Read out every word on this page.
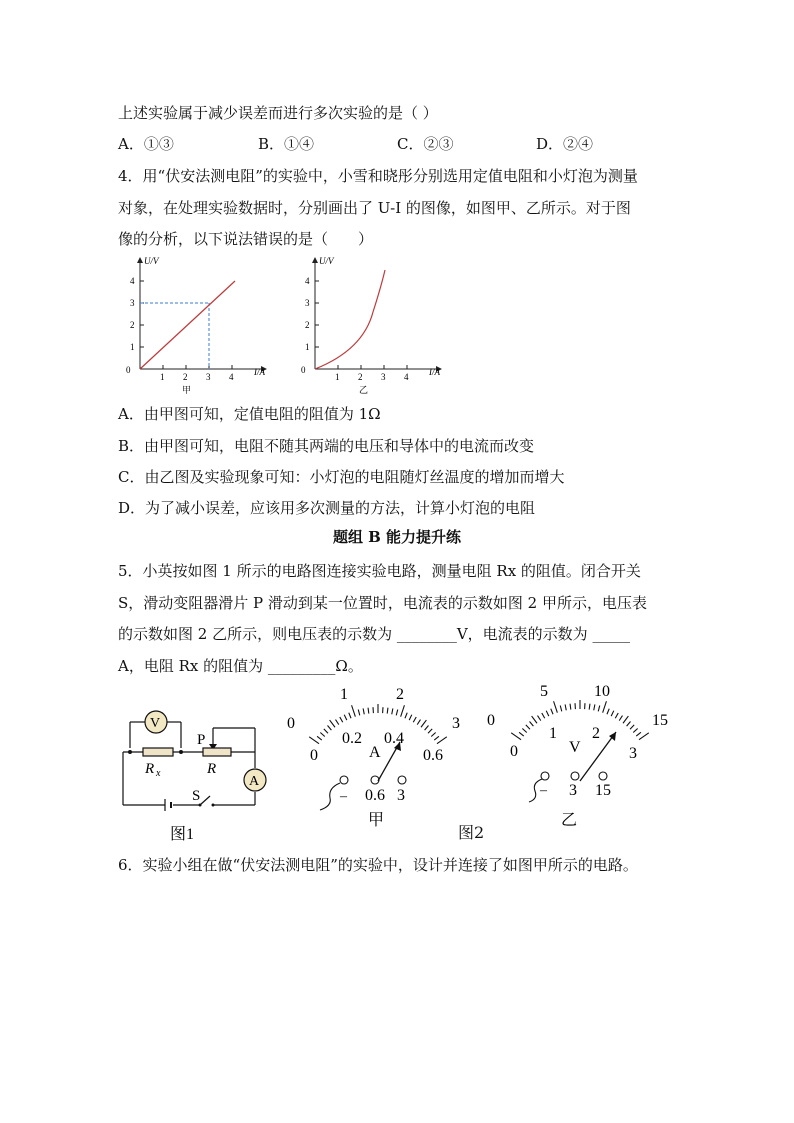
上述实验属于减少误差而进行多次实验的是（ ）
A．①③	B．①④	C．②③	D．②④
4．用“伏安法测电阻”的实验中，小雪和晓彤分别选用定值电阻和小灯泡为测量
对象，在处理实验数据时，分别画出了 U-I 的图像，如图甲、乙所示。对于图
像的分析，以下说法错误的是（　　）
0
1 2 3 4
1
2
3
4
U/V
I/A
甲
0
1 2 3 4
1
2
3
4
U/V
I/A
乙
A．由甲图可知，定值电阻的阻值为 1Ω
B．由甲图可知，电阻不随其两端的电压和导体中的电流而改变
C．由乙图及实验现象可知：小灯泡的电阻随灯丝温度的增加而增大
D．为了减小误差，应该用多次测量的方法，计算小灯泡的电阻
题组 B 能力提升练
5．小英按如图 1 所示的电路图连接实验电路，测量电阻 Rx 的阻值。闭合开关
S，滑动变阻器滑片 P 滑动到某一位置时，电流表的示数如图 2 甲所示，电压表
的示数如图 2 乙所示，则电压表的示数为 ________V，电流表的示数为 _____
A，电阻 Rx 的阻值为 _________Ω。
V
A
P
R x	R
S
图1
0
1	2
3
0
0.2 0.4
0.6
A
– 0.6 3
甲
图2
0
5	10
15
0
1 2
3
V
– 3 15
乙
6．实验小组在做“伏安法测电阻”的实验中，设计并连接了如图甲所示的电路。
